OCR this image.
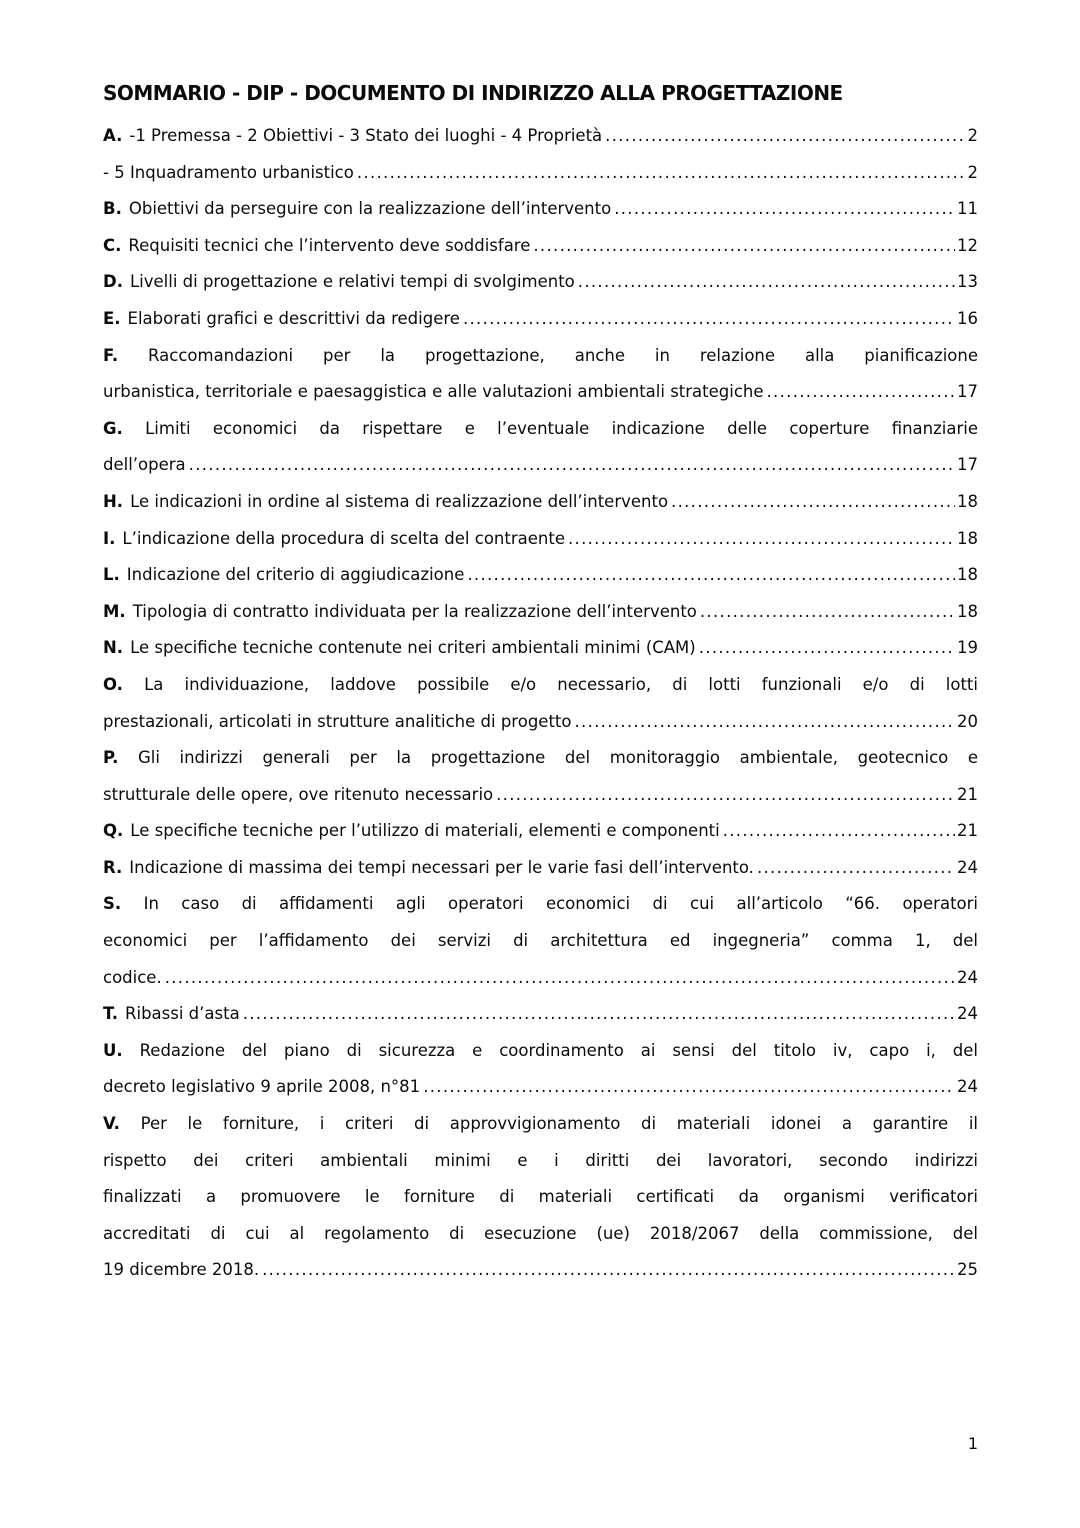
SOMMARIO - DIP - DOCUMENTO DI INDIRIZZO ALLA PROGETTAZIONE
A. -1 Premessa - 2 Obiettivi - 3 Stato dei luoghi - 4 Proprietà .....	2
- 5 Inquadramento urbanistico .....	2
B. Obiettivi da perseguire con la realizzazione dell’intervento .....	11
C. Requisiti tecnici che l’intervento deve soddisfare .....	12
D. Livelli di progettazione e relativi tempi di svolgimento .....	13
E. Elaborati grafici e descrittivi da redigere .....	16
F. Raccomandazioni per la progettazione, anche in relazione alla pianificazione
urbanistica, territoriale e paesaggistica e alle valutazioni ambientali strategiche .....	17
G. Limiti economici da rispettare e l’eventuale indicazione delle coperture finanziarie
dell’opera .....	17
H. Le indicazioni in ordine al sistema di realizzazione dell’intervento .....	18
I. L’indicazione della procedura di scelta del contraente .....	18
L. Indicazione del criterio di aggiudicazione .....	18
M. Tipologia di contratto individuata per la realizzazione dell’intervento .....	18
N. Le specifiche tecniche contenute nei criteri ambientali minimi (CAM) .....	19
O. La individuazione, laddove possibile e/o necessario, di lotti funzionali e/o di lotti
prestazionali, articolati in strutture analitiche di progetto .....	20
P. Gli indirizzi generali per la progettazione del monitoraggio ambientale, geotecnico e
strutturale delle opere, ove ritenuto necessario .....	21
Q. Le specifiche tecniche per l’utilizzo di materiali, elementi e componenti .....	21
R. Indicazione di massima dei tempi necessari per le varie fasi dell’intervento. .....	24
S. In caso di affidamenti agli operatori economici di cui all’articolo “66. operatori
economici per l’affidamento dei servizi di architettura ed ingegneria” comma 1, del
codice. .....	24
T. Ribassi d’asta .....	24
U. Redazione del piano di sicurezza e coordinamento ai sensi del titolo iv, capo i, del
decreto legislativo 9 aprile 2008, n°81 .....	24
V. Per le forniture, i criteri di approvvigionamento di materiali idonei a garantire il
rispetto dei criteri ambientali minimi e i diritti dei lavoratori, secondo indirizzi
finalizzati a promuovere le forniture di materiali certificati da organismi verificatori
accreditati di cui al regolamento di esecuzione (ue) 2018/2067 della commissione, del
19 dicembre 2018. .....	25
1
